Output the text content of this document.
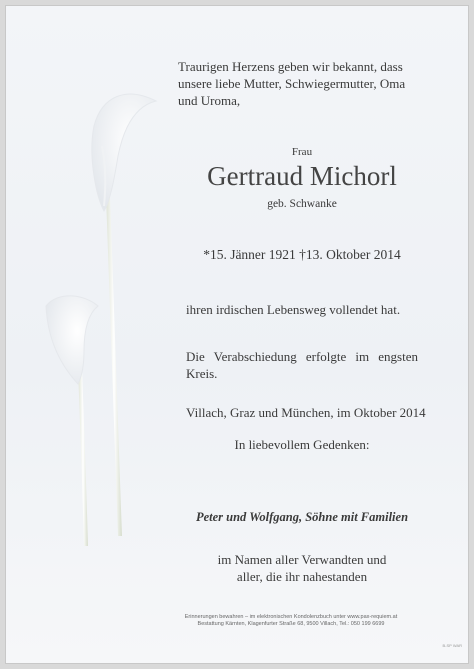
Traurigen Herzens geben wir bekannt, dass unsere liebe Mutter, Schwiegermutter, Oma und Uroma,
Frau
Gertraud Michorl
geb. Schwanke
*15. Jänner 1921 †13. Oktober 2014
ihren irdischen Lebensweg vollendet hat.
Die Verabschiedung erfolgte im engsten Kreis.
Villach, Graz und München, im Oktober 2014
In liebevollem Gedenken:
Peter und Wolfgang, Söhne mit Familien
im Namen aller Verwandten und
aller, die ihr nahestanden
Erinnerungen bewahren – im elektronischen Kondolenzbuch unter www.pax-requiem.at
Bestattung Kärnten, Klagenfurter Straße 68, 9500 Villach, Tel.: 050 199 6699
B-SP WAR
